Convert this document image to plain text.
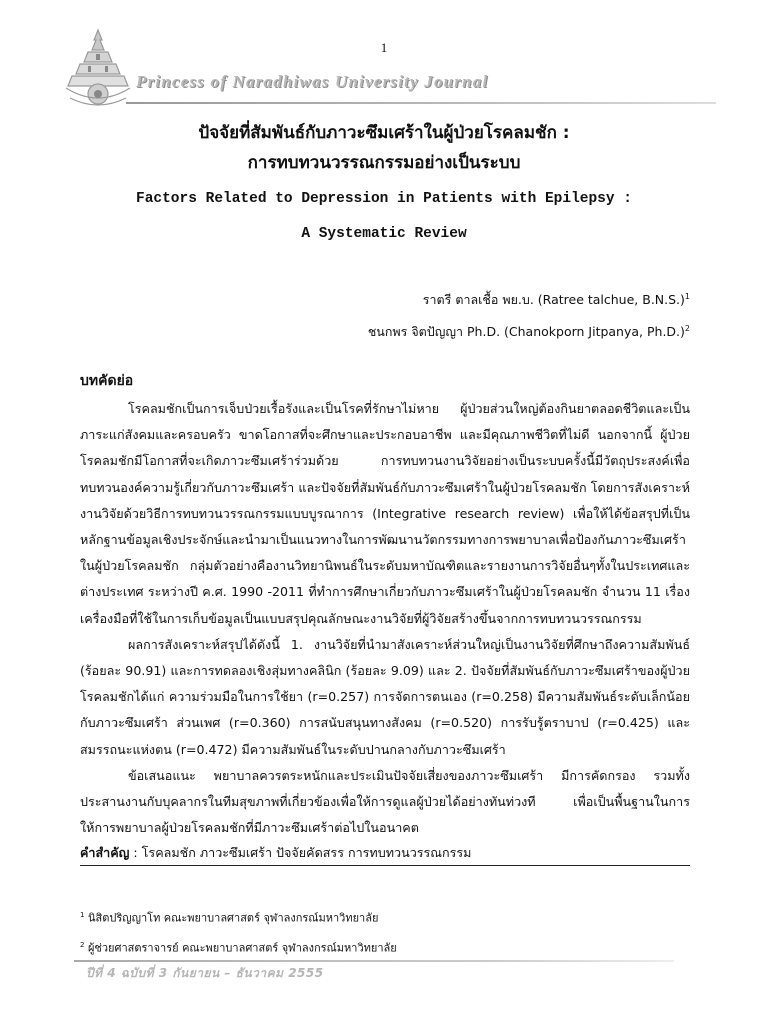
1
Princess of Naradhiwas University Journal

ปัจจัยที่สัมพันธ์กับภาวะซึมเศร้าในผู้ป่วยโรคลมชัก :

การทบทวนวรรณกรรมอย่างเป็นระบบ

Factors Related to Depression in Patients with Epilepsy :

A Systematic Review

ราตรี ตาลเชื้อ พย.บ. (Ratree talchue, B.N.S.)$^1$
ชนกพร จิตปัญญา Ph.D. (Chanokporn Jitpanya, Ph.D.)$^2$
บทคัดย่อ

โรคลมชักเป็นการเจ็บป่วยเรื้อรังและเป็นโรคที่รักษาไม่หาย ผู้ป่วยส่วนใหญ่ต้องกินยาตลอดชีวิตและเป็นภาระแก่สังคมและครอบครัว ขาดโอกาสที่จะศึกษาและประกอบอาชีพ และมีคุณภาพชีวิตที่ไม่ดี นอกจากนี้ ผู้ป่วยโรคลมชักมีโอกาสที่จะเกิดภาวะซึมเศร้าร่วมด้วย การทบทวนงานวิจัยอย่างเป็นระบบครั้งนี้มีวัตถุประสงค์เพื่อทบทวนองค์ความรู้เกี่ยวกับภาวะซึมเศร้า และปัจจัยที่สัมพันธ์กับภาวะซึมเศร้าในผู้ป่วยโรคลมชัก โดยการสังเคราะห์งานวิจัยด้วยวิธีการทบทวนวรรณกรรมแบบบูรณาการ (Integrative research review) เพื่อให้ได้ข้อสรุปที่เป็นหลักฐานข้อมูลเชิงประจักษ์และนำมาเป็นแนวทางในการพัฒนานวัตกรรมทางการพยาบาลเพื่อป้องกันภาวะซึมเศร้าในผู้ป่วยโรคลมชัก กลุ่มตัวอย่างคืองานวิทยานิพนธ์ในระดับมหาบัณฑิตและรายงานการวิจัยอื่นๆทั้งในประเทศและต่างประเทศ ระหว่างปี ค.ศ. 1990 -2011 ที่ทำการศึกษาเกี่ยวกับภาวะซึมเศร้าในผู้ป่วยโรคลมชัก จำนวน 11 เรื่อง เครื่องมือที่ใช้ในการเก็บข้อมูลเป็นแบบสรุปคุณลักษณะงานวิจัยที่ผู้วิจัยสร้างขึ้นจากการทบทวนวรรณกรรม

ผลการสังเคราะห์สรุปได้ดังนี้ 1. งานวิจัยที่นำมาสังเคราะห์ส่วนใหญ่เป็นงานวิจัยที่ศึกษาถึงความสัมพันธ์ (ร้อยละ 90.91) และการทดลองเชิงสุ่มทางคลินิก (ร้อยละ 9.09) และ 2. ปัจจัยที่สัมพันธ์กับภาวะซึมเศร้าของผู้ป่วยโรคลมชักได้แก่ ความร่วมมือในการใช้ยา (r=0.257) การจัดการตนเอง (r=0.258) มีความสัมพันธ์ระดับเล็กน้อยกับภาวะซึมเศร้า ส่วนเพศ (r=0.360) การสนับสนุนทางสังคม (r=0.520) การรับรู้ตราบาป (r=0.425) และสมรรถนะแห่งตน (r=0.472) มีความสัมพันธ์ในระดับปานกลางกับภาวะซึมเศร้า

ข้อเสนอแนะ พยาบาลควรตระหนักและประเมินปัจจัยเสี่ยงของภาวะซึมเศร้า มีการคัดกรอง รวมทั้งประสานงานกับบุคลากรในทีมสุขภาพที่เกี่ยวข้องเพื่อให้การดูแลผู้ป่วยได้อย่างทันท่วงที เพื่อเป็นพื้นฐานในการให้การพยาบาลผู้ป่วยโรคลมชักที่มีภาวะซึมเศร้าต่อไปในอนาคต

คำสำคัญ : โรคลมชัก ภาวะซึมเศร้า ปัจจัยคัดสรร การทบทวนวรรณกรรม
$^1$ นิสิตปริญญาโท คณะพยาบาลศาสตร์ จุฬาลงกรณ์มหาวิทยาลัย
$^2$ ผู้ช่วยศาสตราจารย์ คณะพยาบาลศาสตร์ จุฬาลงกรณ์มหาวิทยาลัย
ปีที่ 4 ฉบับที่ 3 กันยายน – ธันวาคม 2555
